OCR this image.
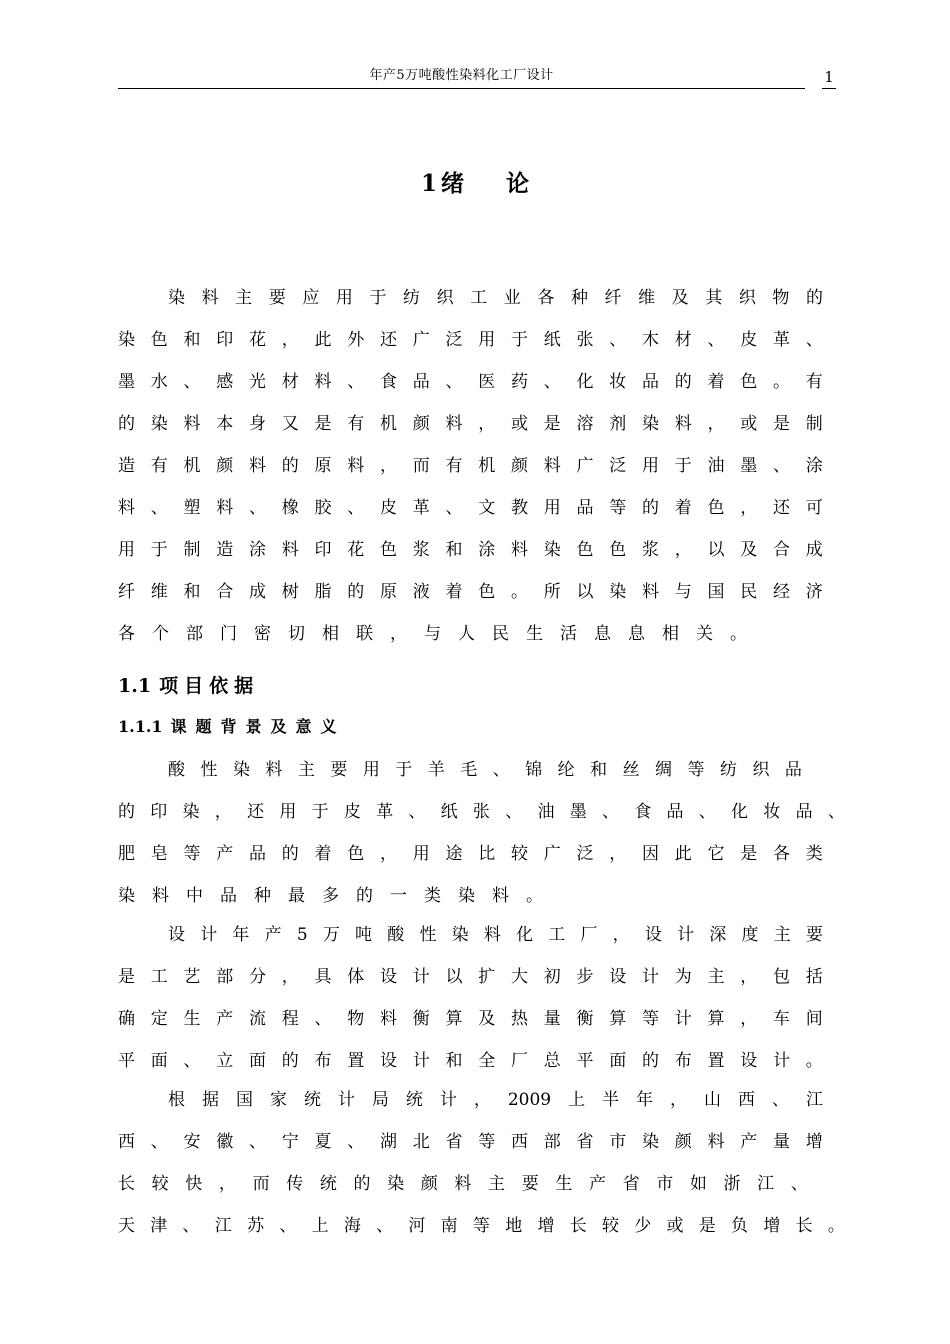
年产5万吨酸性染料化工厂设计	1
1 绪 论
染 料 主 要 应 用 于 纺 织 工 业 各 种 纤 维 及 其 织 物 的
染 色 和 印 花 ， 此 外 还 广 泛 用 于 纸 张 、 木 材 、 皮 革 、
墨 水 、 感 光 材 料 、 食 品 、 医 药 、 化 妆 品 的 着 色 。 有
的 染 料 本 身 又 是 有 机 颜 料 ， 或 是 溶 剂 染 料 ， 或 是 制
造 有 机 颜 料 的 原 料 ， 而 有 机 颜 料 广 泛 用 于 油 墨 、 涂
料 、 塑 料 、 橡 胶 、 皮 革 、 文 教 用 品 等 的 着 色 ， 还 可
用 于 制 造 涂 料 印 花 色 浆 和 涂 料 染 色 色 浆 ， 以 及 合 成
纤 维 和 合 成 树 脂 的 原 液 着 色 。 所 以 染 料 与 国 民 经 济
各 个 部 门 密 切 相 联 ， 与 人 民 生 活 息 息 相 关 。
1.1 项目依据
1.1.1 课题背景及意义
酸 性 染 料 主 要 用 于 羊 毛 、 锦 纶 和 丝 绸 等 纺 织 品
的 印 染 ， 还 用 于 皮 革 、 纸 张 、 油 墨 、 食 品 、 化 妆 品 、
肥 皂 等 产 品 的 着 色 ， 用 途 比 较 广 泛 ， 因 此 它 是 各 类
染 料 中 品 种 最 多 的 一 类 染 料 。
设 计 年 产 5 万 吨 酸 性 染 料 化 工 厂 ， 设 计 深 度 主 要
是 工 艺 部 分 ， 具 体 设 计 以 扩 大 初 步 设 计 为 主 ， 包 括
确 定 生 产 流 程 、 物 料 衡 算 及 热 量 衡 算 等 计 算 ， 车 间
平 面 、 立 面 的 布 置 设 计 和 全 厂 总 平 面 的 布 置 设 计 。
根 据 国 家 统 计 局 统 计 ， 2009 上 半 年 ， 山 西 、 江
西 、 安 徽 、 宁 夏 、 湖 北 省 等 西 部 省 市 染 颜 料 产 量 增
长 较 快 ， 而 传 统 的 染 颜 料 主 要 生 产 省 市 如 浙 江 、
天 津 、 江 苏 、 上 海 、 河 南 等 地 增 长 较 少 或 是 负 增 长 。
